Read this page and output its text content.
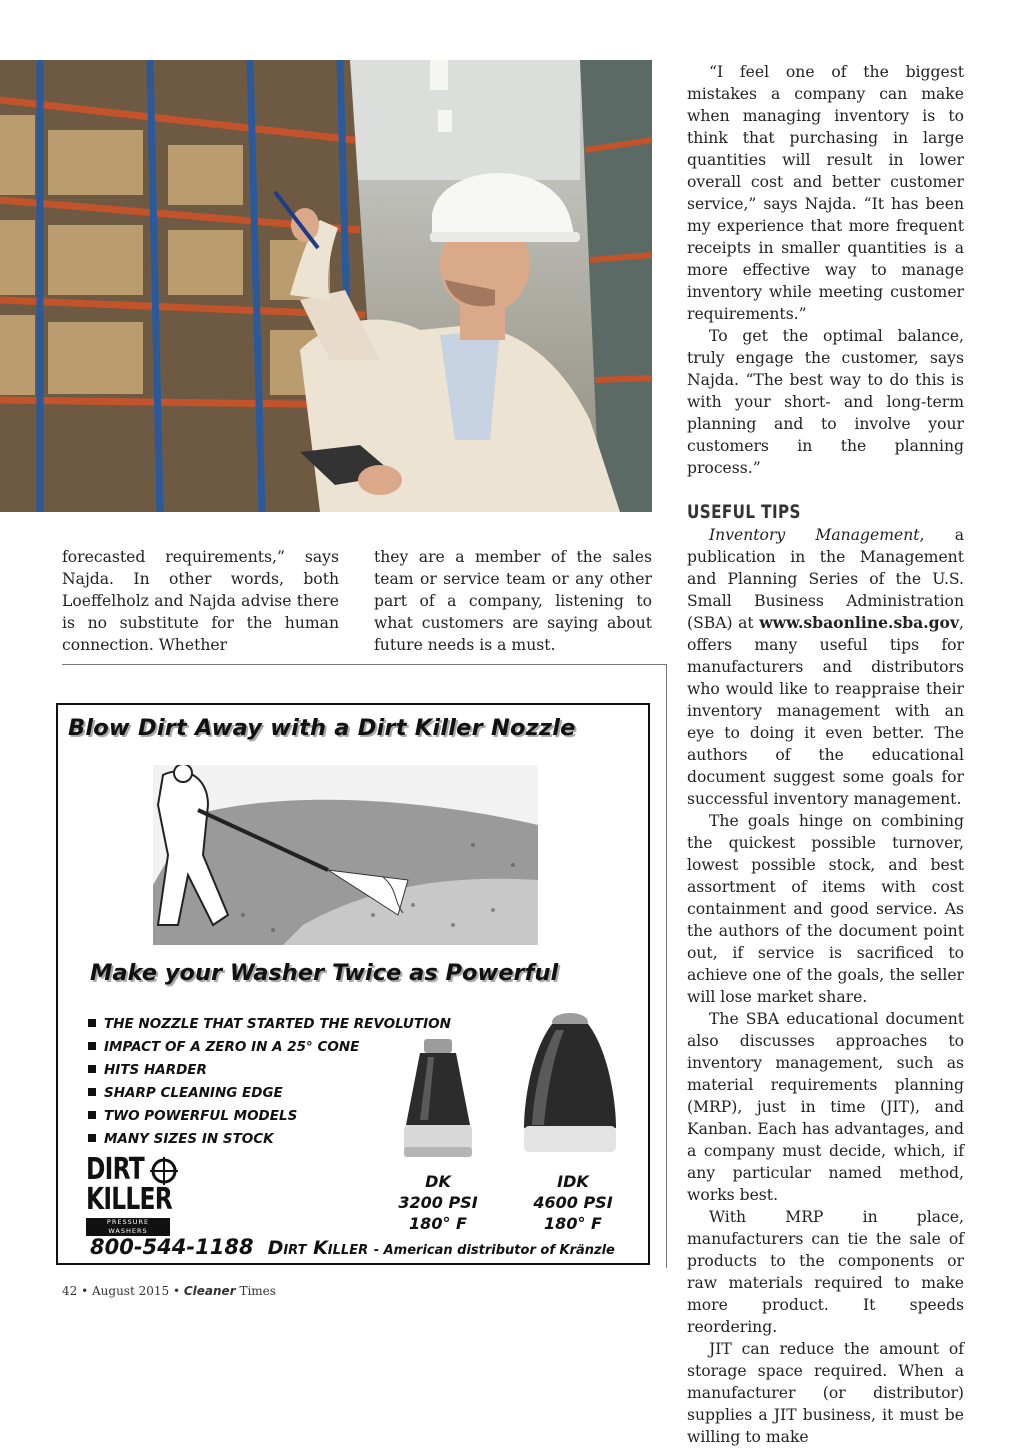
forecasted requirements,” says Najda. In other words, both Loeffelholz and Najda advise there is no substitute for the human connection. Whether

they are a member of the sales team or service team or any other part of a company, listening to what customers are saying about future needs is a must.

“I feel one of the biggest mistakes a company can make when managing inventory is to think that purchasing in large quantities will result in lower overall cost and better customer service,” says Najda. “It has been my experience that more frequent receipts in smaller quantities is a more effective way to manage inventory while meeting customer requirements.”

To get the optimal balance, truly engage the customer, says Najda. “The best way to do this is with your short- and long-term planning and to involve your customers in the planning process.”

USEFUL TIPS

Inventory Management, a publication in the Management and Planning Series of the U.S. Small Business Administration (SBA) at www.sbaonline.sba.gov, offers many useful tips for manufacturers and distributors who would like to reappraise their inventory management with an eye to doing it even better. The authors of the educational document suggest some goals for successful inventory management.

The goals hinge on combining the quickest possible turnover, lowest possible stock, and best assortment of items with cost containment and good service. As the authors of the document point out, if service is sacrificed to achieve one of the goals, the seller will lose market share.

The SBA educational document also discusses approaches to inventory management, such as material requirements planning (MRP), just in time (JIT), and Kanban. Each has advantages, and a company must decide, which, if any particular named method, works best.

With MRP in place, manufacturers can tie the sale of products to the components or raw materials required to make more product. It speeds reordering.

JIT can reduce the amount of storage space required. When a manufacturer (or distributor) supplies a JIT business, it must be willing to make

Blow Dirt Away with a Dirt Killer Nozzle
Make your Washer Twice as Powerful
THE NOZZLE THAT STARTED THE REVOLUTION
IMPACT OF A ZERO IN A 25° CONE
HITS HARDER
SHARP CLEANING EDGE
TWO POWERFUL MODELS
MANY SIZES IN STOCK
DK
3200 PSI
180° F
IDK
4600 PSI
180° F
DIRT
KILLER
PRESSURE WASHERS
800-544-1188 Dirt Killer - American distributor of Kränzle
42 • August 2015 • Cleaner Times
